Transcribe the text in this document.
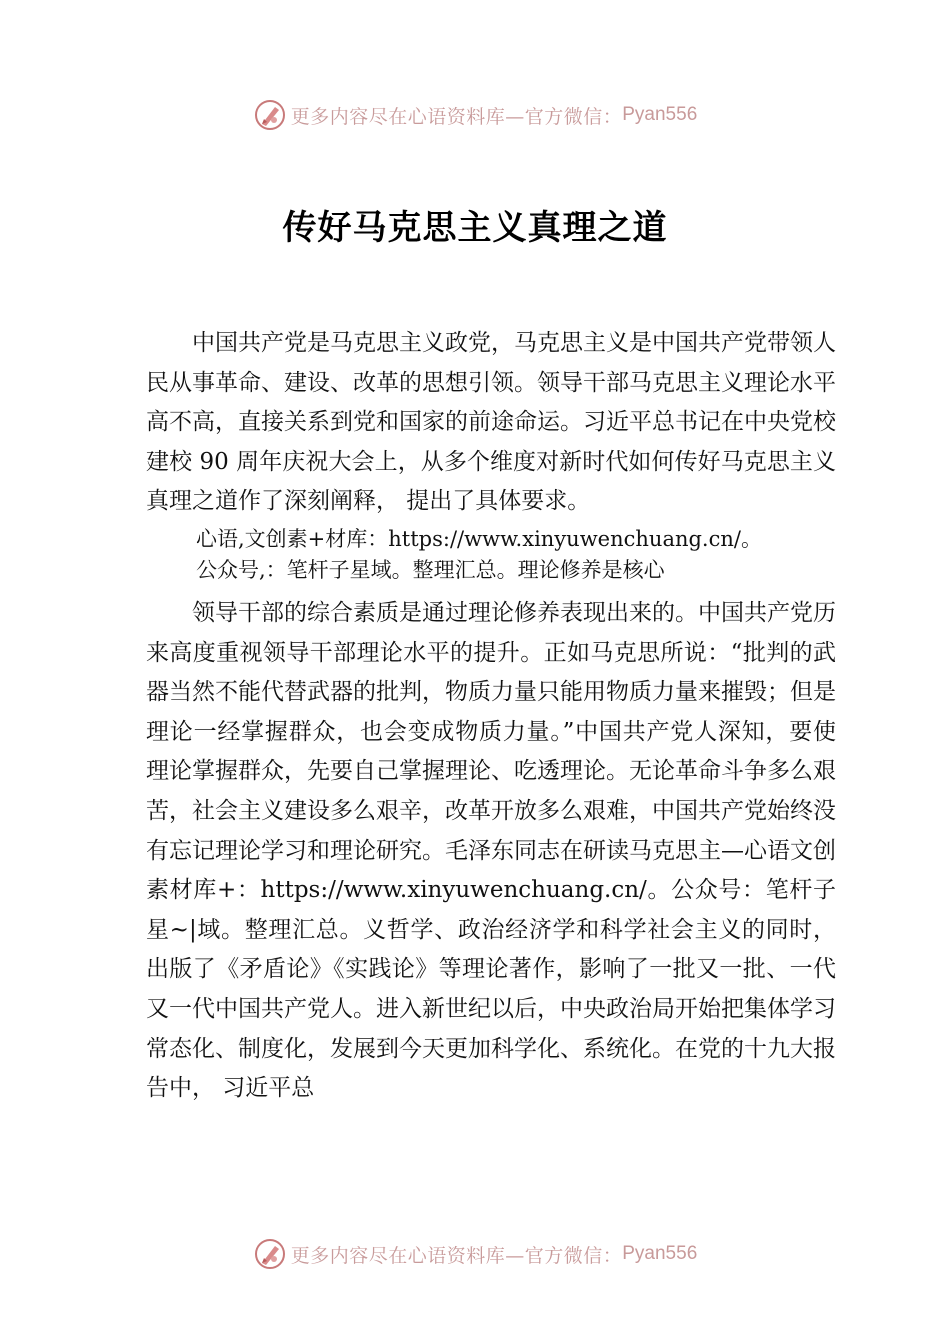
更多内容尽在心语资料库—官方微信： Pyan556
传好马克思主义真理之道

中国共产党是马克思主义政党，马克思主义是中国共产党带领人民从事革命、建设、改革的思想引领。领导干部马克思主义理论水平高不高，直接关系到党和国家的前途命运。习近平总书记在中央党校建校 90 周年庆祝大会上，从多个维度对新时代如何传好马克思主义真理之道作了深刻阐释， 提出了具体要求。

心语,文创素+材库：https://www.xinyuwenchuang.cn/。

公众号,：笔杆子星域。整理汇总。理论修养是核心

领导干部的综合素质是通过理论修养表现出来的。中国共产党历来高度重视领导干部理论水平的提升。正如马克思所说：“批判的武器当然不能代替武器的批判，物质力量只能用物质力量来摧毁；但是理论一经掌握群众，也会变成物质力量。”中国共产党人深知，要使理论掌握群众，先要自己掌握理论、吃透理论。无论革命斗争多么艰苦，社会主义建设多么艰辛，改革开放多么艰难，中国共产党始终没有忘记理论学习和理论研究。毛泽东同志在研读马克思主—心语文创素材库+：https://www.xinyuwenchuang.cn/。公众号：笔杆子星~|域。整理汇总。义哲学、政治经济学和科学社会主义的同时，出版了《矛盾论》《实践论》等理论著作，影响了一批又一批、一代又一代中国共产党人。进入新世纪以后，中央政治局开始把集体学习常态化、制度化，发展到今天更加科学化、系统化。在党的十九大报告中， 习近平总

更多内容尽在心语资料库—官方微信： Pyan556
